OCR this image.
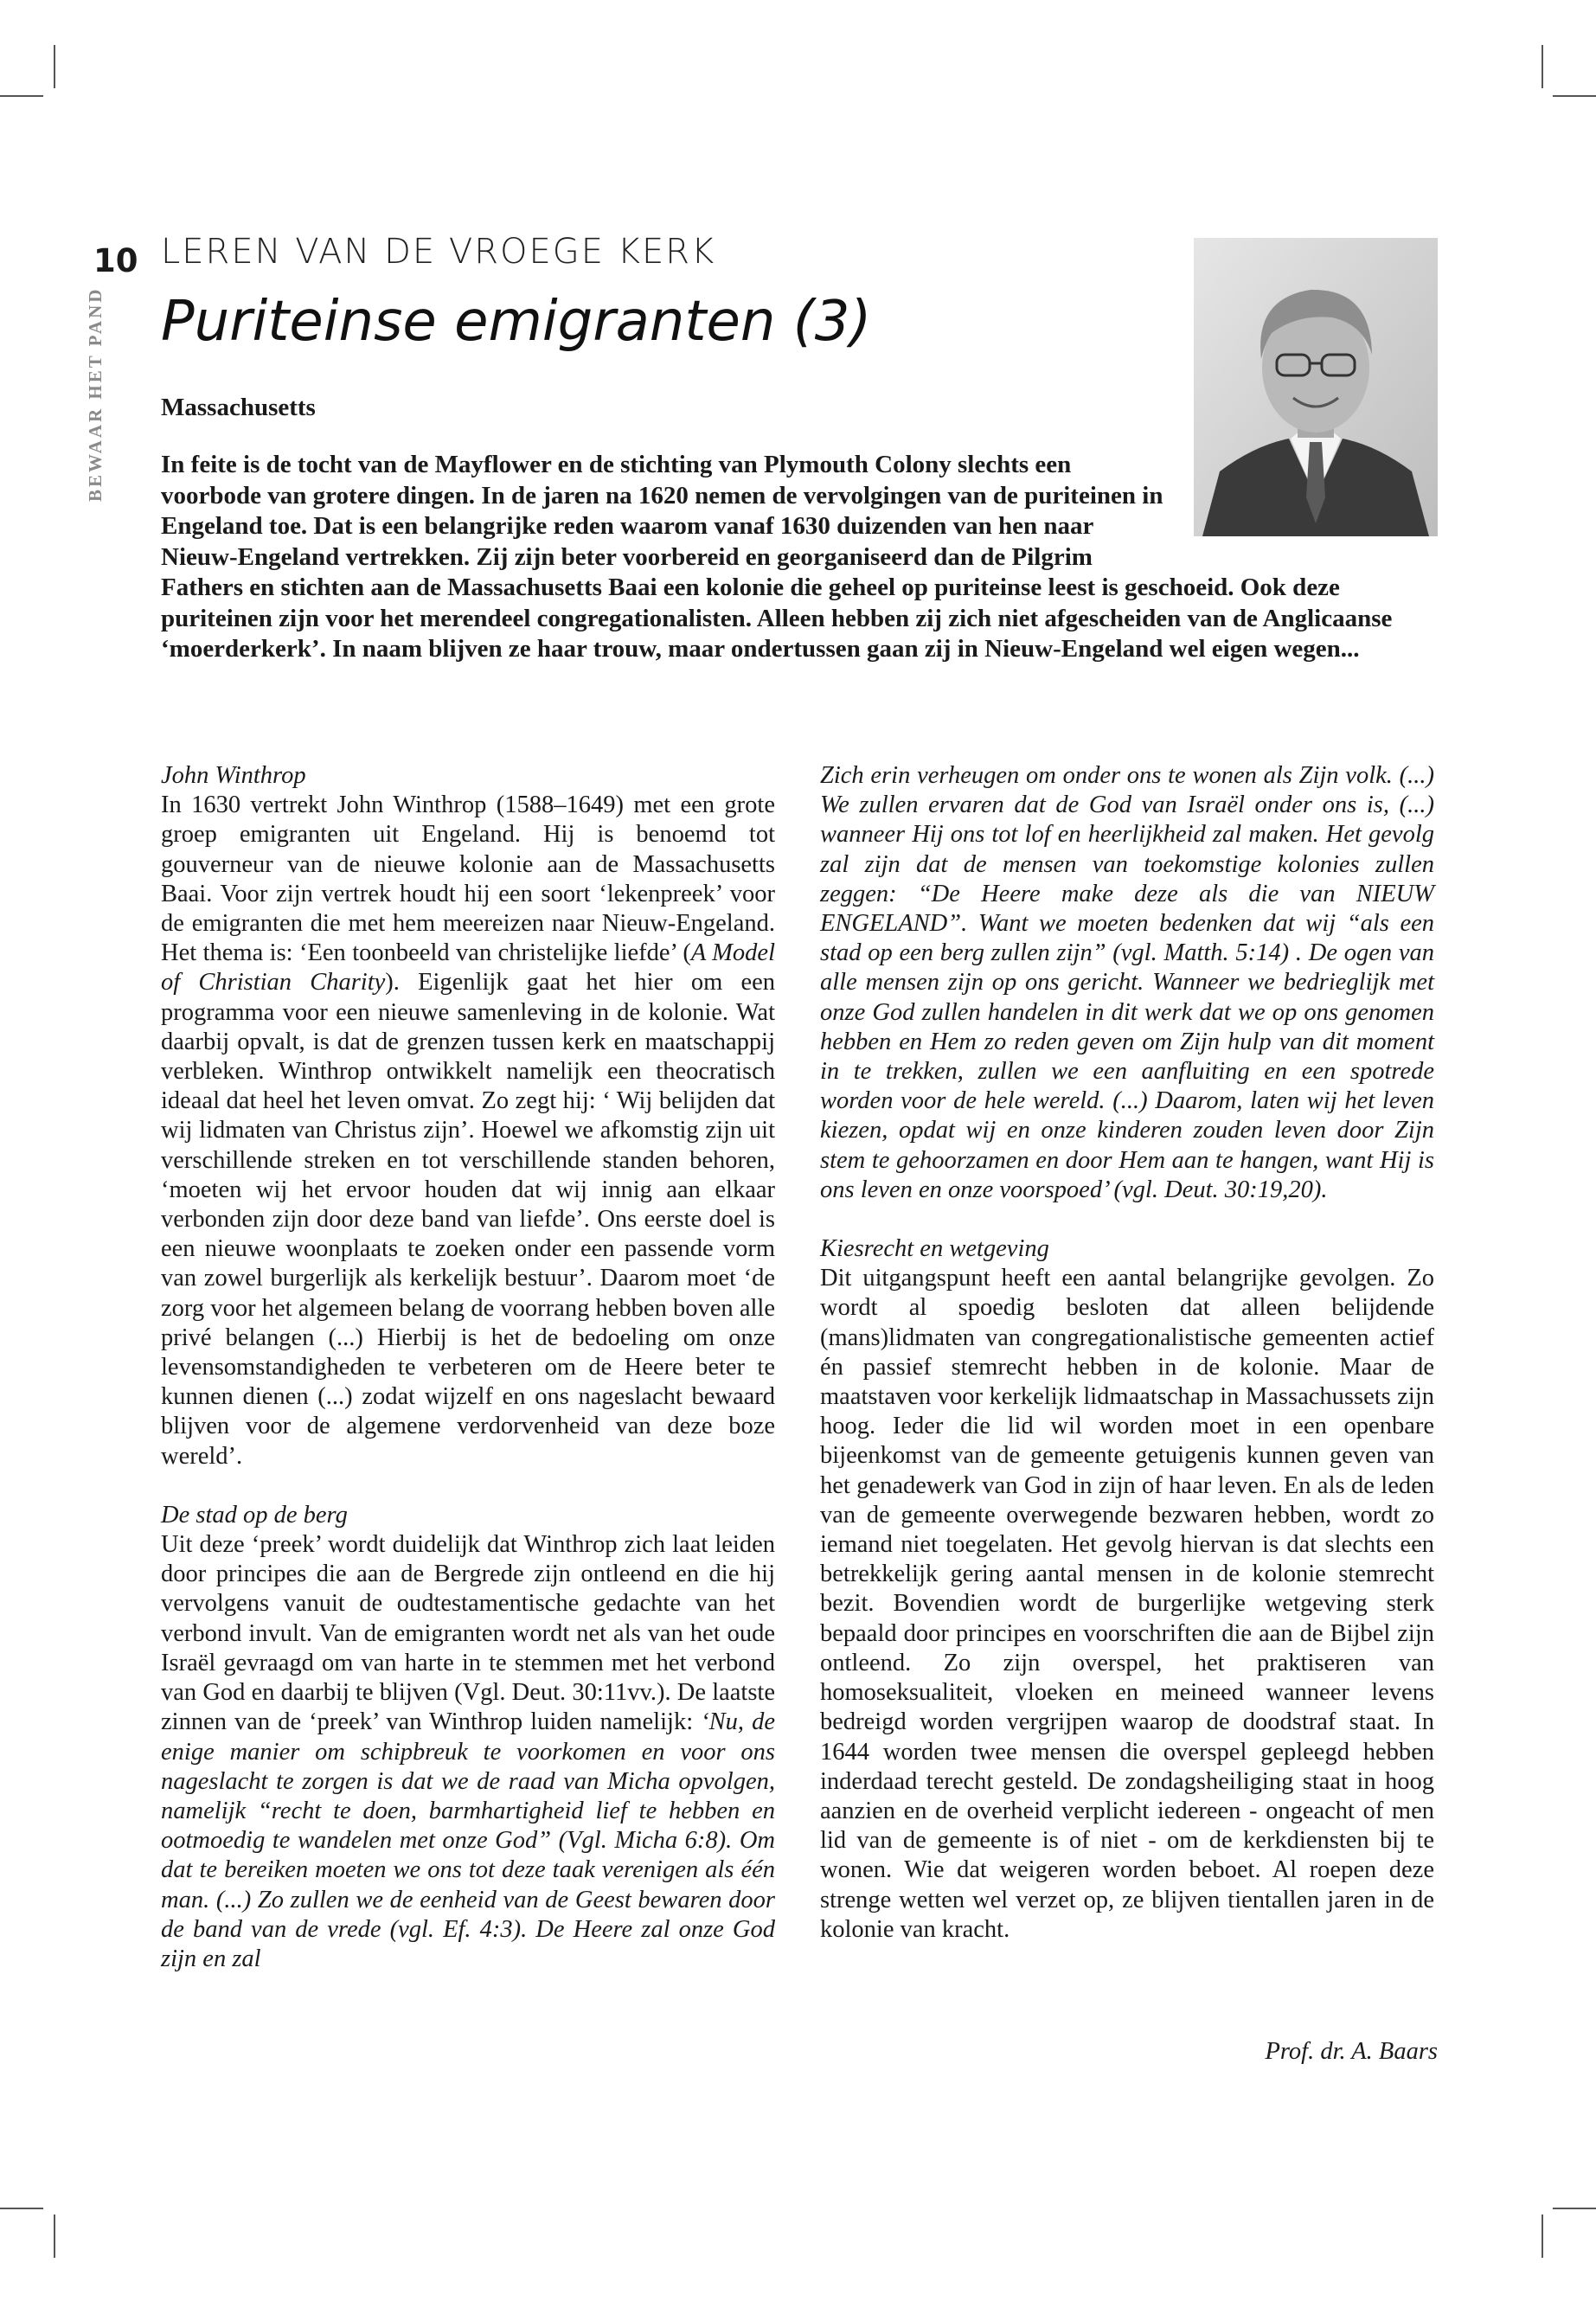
10
BEWAAR HET PAND
LEREN VAN DE VROEGE KERK
Puriteinse emigranten (3)
Massachusetts

In feite is de tocht van de Mayflower en de stichting van Plymouth Colony slechts een voorbode van grotere dingen. In de jaren na 1620 nemen de vervolgingen van de puriteinen in Engeland toe. Dat is een belangrijke reden waarom vanaf 1630 duizenden van hen naar Nieuw-Engeland vertrekken. Zij zijn beter voorbereid en georganiseerd dan de Pilgrim Fathers en stichten aan de Massachusetts Baai een kolonie die geheel op puriteinse leest is geschoeid. Ook deze puriteinen zijn voor het merendeel congregationalisten. Alleen hebben zij zich niet afgescheiden van de Anglicaanse ‘moerderkerk’. In naam blijven ze haar trouw, maar ondertussen gaan zij in Nieuw-Engeland wel eigen wegen...

John Winthrop

In 1630 vertrekt John Winthrop (1588–1649) met een grote groep emigranten uit Engeland. Hij is benoemd tot gouverneur van de nieuwe kolonie aan de Massachusetts Baai. Voor zijn vertrek houdt hij een soort ‘lekenpreek’ voor de emigranten die met hem meereizen naar Nieuw-Engeland. Het thema is: ‘Een toonbeeld van christelijke liefde’ (A Model of Christian Charity). Eigenlijk gaat het hier om een programma voor een nieuwe samenleving in de kolonie. Wat daarbij opvalt, is dat de grenzen tussen kerk en maatschappij verbleken. Winthrop ontwikkelt namelijk een theocratisch ideaal dat heel het leven omvat. Zo zegt hij: ‘ Wij belijden dat wij lidmaten van Christus zijn’. Hoewel we afkomstig zijn uit verschillende streken en tot verschillende standen behoren, ‘moeten wij het ervoor houden dat wij innig aan elkaar verbonden zijn door deze band van liefde’. Ons eerste doel is een nieuwe woonplaats te zoeken onder een passende vorm van zowel burgerlijk als kerkelijk bestuur’. Daarom moet ‘de zorg voor het algemeen belang de voorrang hebben boven alle privé belangen (...) Hierbij is het de bedoeling om onze levensomstandigheden te verbeteren om de Heere beter te kunnen dienen (...) zodat wijzelf en ons nageslacht bewaard blijven voor de algemene verdorvenheid van deze boze wereld’.

De stad op de berg

Uit deze ‘preek’ wordt duidelijk dat Winthrop zich laat leiden door principes die aan de Bergrede zijn ontleend en die hij vervolgens vanuit de oudtestamentische gedachte van het verbond invult. Van de emigranten wordt net als van het oude Israël gevraagd om van harte in te stemmen met het verbond van God en daarbij te blijven (Vgl. Deut. 30:11vv.). De laatste zinnen van de ‘preek’ van Winthrop luiden namelijk: ‘Nu, de enige manier om schipbreuk te voorkomen en voor ons nageslacht te zorgen is dat we de raad van Micha opvolgen, namelijk “recht te doen, barmhartigheid lief te hebben en ootmoedig te wandelen met onze God” (Vgl. Micha 6:8). Om dat te bereiken moeten we ons tot deze taak verenigen als één man. (...) Zo zullen we de eenheid van de Geest bewaren door de band van de vrede (vgl. Ef. 4:3). De Heere zal onze God zijn en zal

Zich erin verheugen om onder ons te wonen als Zijn volk. (...) We zullen ervaren dat de God van Israël onder ons is, (...) wanneer Hij ons tot lof en heerlijkheid zal maken. Het gevolg zal zijn dat de mensen van toekomstige kolonies zullen zeggen: “De Heere make deze als die van NIEUW ENGELAND”. Want we moeten bedenken dat wij “als een stad op een berg zullen zijn” (vgl. Matth. 5:14) . De ogen van alle mensen zijn op ons gericht. Wanneer we bedrieglijk met onze God zullen handelen in dit werk dat we op ons genomen hebben en Hem zo reden geven om Zijn hulp van dit moment in te trekken, zullen we een aanfluiting en een spotrede worden voor de hele wereld. (...) Daarom, laten wij het leven kiezen, opdat wij en onze kinderen zouden leven door Zijn stem te gehoorzamen en door Hem aan te hangen, want Hij is ons leven en onze voorspoed’ (vgl. Deut. 30:19,20).

Kiesrecht en wetgeving

Dit uitgangspunt heeft een aantal belangrijke gevolgen. Zo wordt al spoedig besloten dat alleen belijdende (mans)lidmaten van congregationalistische gemeenten actief én passief stemrecht hebben in de kolonie. Maar de maatstaven voor kerkelijk lidmaatschap in Massachussets zijn hoog. Ieder die lid wil worden moet in een openbare bijeenkomst van de gemeente getuigenis kunnen geven van het genadewerk van God in zijn of haar leven. En als de leden van de gemeente overwegende bezwaren hebben, wordt zo iemand niet toegelaten. Het gevolg hiervan is dat slechts een betrekkelijk gering aantal mensen in de kolonie stemrecht bezit. Bovendien wordt de burgerlijke wetgeving sterk bepaald door principes en voorschriften die aan de Bijbel zijn ontleend. Zo zijn overspel, het praktiseren van homoseksualiteit, vloeken en meineed wanneer levens bedreigd worden vergrijpen waarop de doodstraf staat. In 1644 worden twee mensen die overspel gepleegd hebben inderdaad terecht gesteld. De zondagsheiliging staat in hoog aanzien en de overheid verplicht iedereen - ongeacht of men lid van de gemeente is of niet - om de kerkdiensten bij te wonen. Wie dat weigeren worden beboet. Al roepen deze strenge wetten wel verzet op, ze blijven tientallen jaren in de kolonie van kracht.

Prof. dr. A. Baars
